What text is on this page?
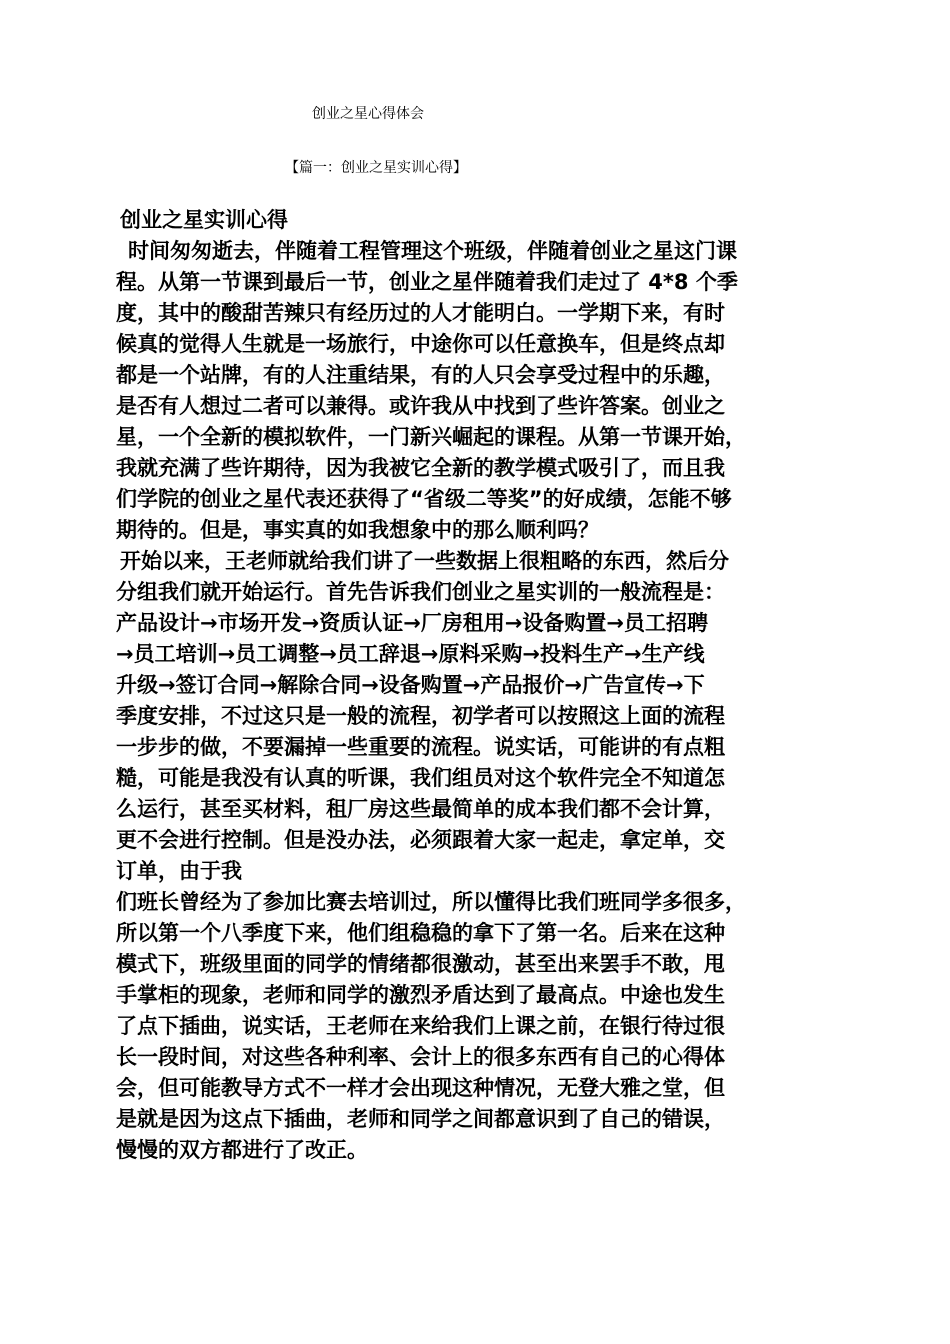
创业之星心得体会
【篇一：创业之星实训心得】
创业之星实训心得
时间匆匆逝去，伴随着工程管理这个班级，伴随着创业之星这门课
程。从第一节课到最后一节，创业之星伴随着我们走过了 4*8 个季
度，其中的酸甜苦辣只有经历过的人才能明白。一学期下来，有时
候真的觉得人生就是一场旅行，中途你可以任意换车，但是终点却
都是一个站牌，有的人注重结果，有的人只会享受过程中的乐趣，
是否有人想过二者可以兼得。或许我从中找到了些许答案。创业之
星，一个全新的模拟软件，一门新兴崛起的课程。从第一节课开始，
我就充满了些许期待，因为我被它全新的教学模式吸引了，而且我
们学院的创业之星代表还获得了“省级二等奖”的好成绩，怎能不够
期待的。但是，事实真的如我想象中的那么顺利吗？
开始以来，王老师就给我们讲了一些数据上很粗略的东西，然后分
分组我们就开始运行。首先告诉我们创业之星实训的一般流程是：
产品设计→市场开发→资质认证→厂房租用→设备购置→员工招聘
→员工培训→员工调整→员工辞退→原料采购→投料生产→生产线
升级→签订合同→解除合同→设备购置→产品报价→广告宣传→下
季度安排，不过这只是一般的流程，初学者可以按照这上面的流程
一步步的做，不要漏掉一些重要的流程。说实话，可能讲的有点粗
糙，可能是我没有认真的听课，我们组员对这个软件完全不知道怎
么运行，甚至买材料，租厂房这些最简单的成本我们都不会计算，
更不会进行控制。但是没办法，必须跟着大家一起走，拿定单，交
订单，由于我
们班长曾经为了参加比赛去培训过，所以懂得比我们班同学多很多，
所以第一个八季度下来，他们组稳稳的拿下了第一名。后来在这种
模式下，班级里面的同学的情绪都很激动，甚至出来罢手不敢，甩
手掌柜的现象，老师和同学的激烈矛盾达到了最高点。中途也发生
了点下插曲，说实话，王老师在来给我们上课之前，在银行待过很
长一段时间，对这些各种利率、会计上的很多东西有自己的心得体
会，但可能教导方式不一样才会出现这种情况，无登大雅之堂，但
是就是因为这点下插曲，老师和同学之间都意识到了自己的错误，
慢慢的双方都进行了改正。
